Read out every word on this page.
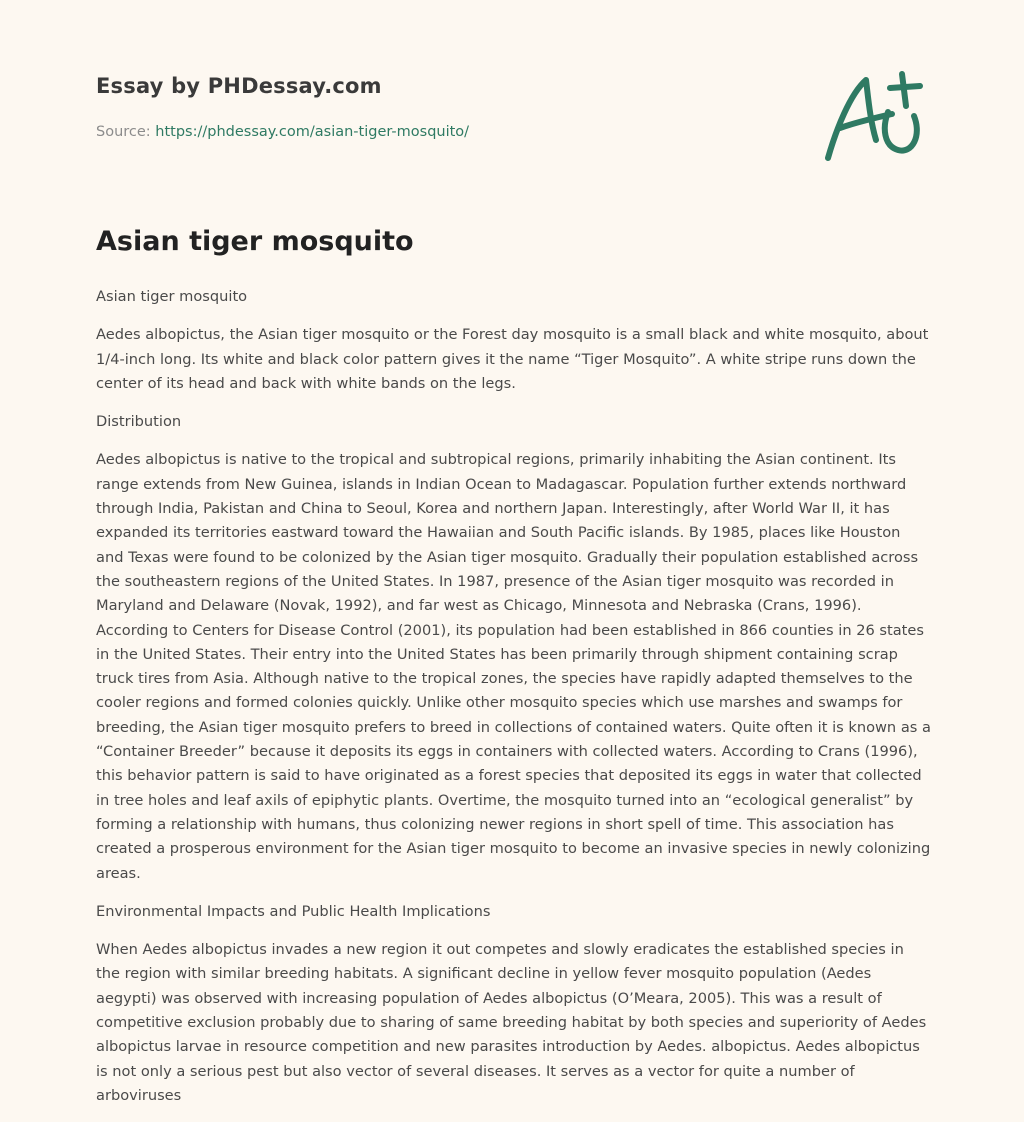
Essay by PHDessay.com

Source: https://phdessay.com/asian-tiger-mosquito/

Asian tiger mosquito

Asian tiger mosquito

Aedes albopictus, the Asian tiger mosquito or the Forest day mosquito is a small black and white mosquito, about 1/4-inch long. Its white and black color pattern gives it the name “Tiger Mosquito”. A white stripe runs down the center of its head and back with white bands on the legs.

Distribution

Aedes albopictus is native to the tropical and subtropical regions, primarily inhabiting the Asian continent. Its range extends from New Guinea, islands in Indian Ocean to Madagascar. Population further extends northward through India, Pakistan and China to Seoul, Korea and northern Japan. Interestingly, after World War II, it has expanded its territories eastward toward the Hawaiian and South Pacific islands. By 1985, places like Houston and Texas were found to be colonized by the Asian tiger mosquito. Gradually their population established across the southeastern regions of the United States. In 1987, presence of the Asian tiger mosquito was recorded in Maryland and Delaware (Novak, 1992), and far west as Chicago, Minnesota and Nebraska (Crans, 1996). According to Centers for Disease Control (2001), its population had been established in 866 counties in 26 states in the United States. Their entry into the United States has been primarily through shipment containing scrap truck tires from Asia. Although native to the tropical zones, the species have rapidly adapted themselves to the cooler regions and formed colonies quickly. Unlike other mosquito species which use marshes and swamps for breeding, the Asian tiger mosquito prefers to breed in collections of contained waters. Quite often it is known as a “Container Breeder” because it deposits its eggs in containers with collected waters. According to Crans (1996), this behavior pattern is said to have originated as a forest species that deposited its eggs in water that collected in tree holes and leaf axils of epiphytic plants. Overtime, the mosquito turned into an “ecological generalist” by forming a relationship with humans, thus colonizing newer regions in short spell of time. This association has created a prosperous environment for the Asian tiger mosquito to become an invasive species in newly colonizing areas.

Environmental Impacts and Public Health Implications

When Aedes albopictus invades a new region it out competes and slowly eradicates the established species in the region with similar breeding habitats. A significant decline in yellow fever mosquito population (Aedes aegypti) was observed with increasing population of Aedes albopictus (O’Meara, 2005). This was a result of competitive exclusion probably due to sharing of same breeding habitat by both species and superiority of Aedes albopictus larvae in resource competition and new parasites introduction by Aedes. albopictus. Aedes albopictus is not only a serious pest but also vector of several diseases. It serves as a vector for quite a number of arboviruses
